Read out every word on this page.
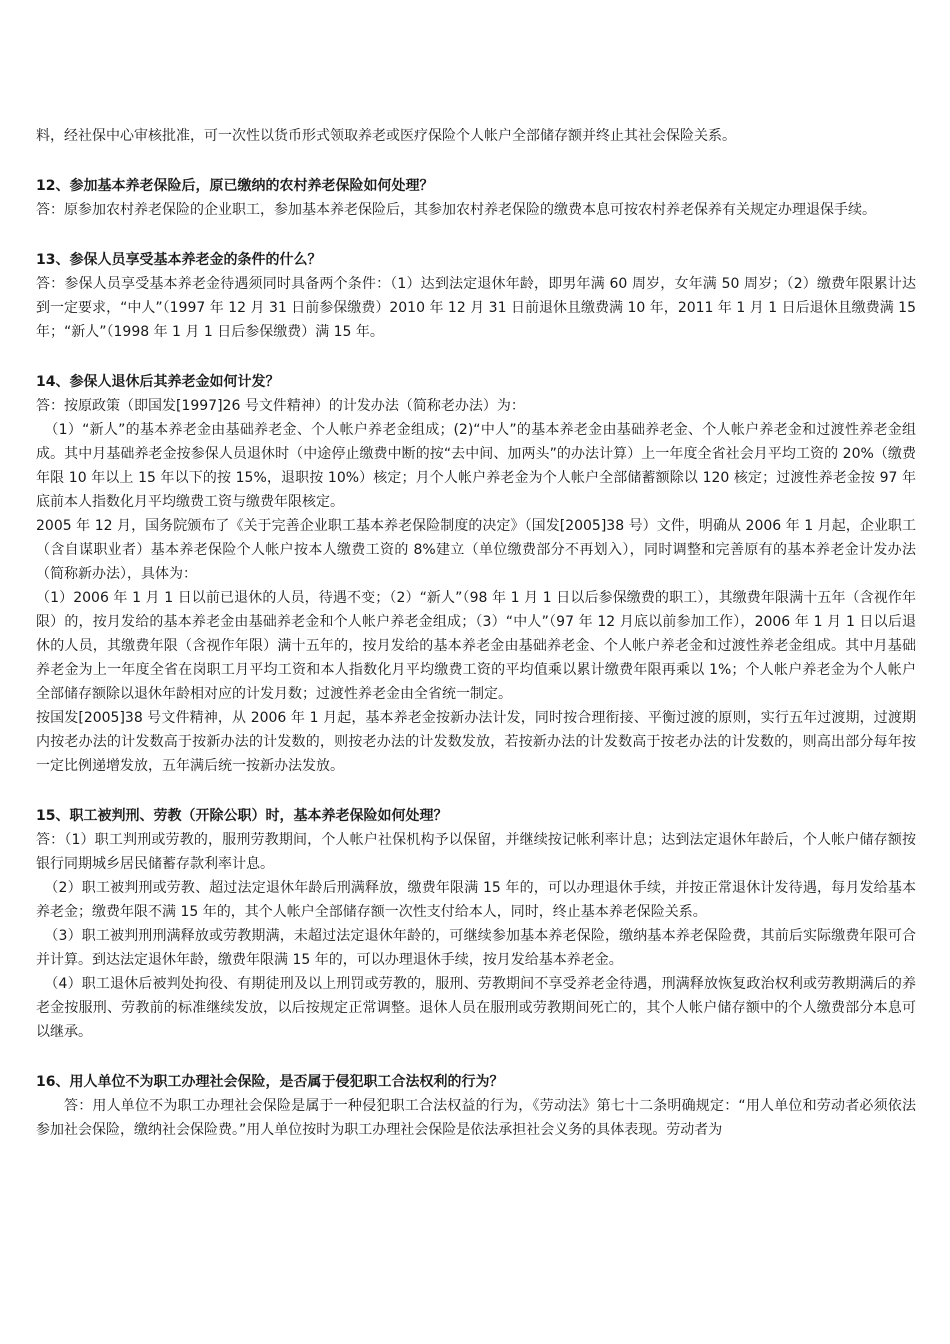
料，经社保中心审核批准，可一次性以货币形式领取养老或医疗保险个人帐户全部储存额并终止其社会保险关系。

12、参加基本养老保险后，原已缴纳的农村养老保险如何处理？

答：原参加农村养老保险的企业职工，参加基本养老保险后，其参加农村养老保险的缴费本息可按农村养老保养有关规定办理退保手续。

13、参保人员享受基本养老金的条件的什么？

答：参保人员享受基本养老金待遇须同时具备两个条件：（1）达到法定退休年龄，即男年满 60 周岁，女年满 50 周岁；（2）缴费年限累计达到一定要求，“中人”（1997 年 12 月 31 日前参保缴费）2010 年 12 月 31 日前退休且缴费满 10 年，2011 年 1 月 1 日后退休且缴费满 15 年；“新人”（1998 年 1 月 1 日后参保缴费）满 15 年。

14、参保人退休后其养老金如何计发？

答：按原政策（即国发[1997]26 号文件精神）的计发办法（简称老办法）为：

（1）“新人”的基本养老金由基础养老金、个人帐户养老金组成；(2)“中人”的基本养老金由基础养老金、个人帐户养老金和过渡性养老金组成。其中月基础养老金按参保人员退休时（中途停止缴费中断的按“去中间、加两头”的办法计算）上一年度全省社会月平均工资的 20%（缴费年限 10 年以上 15 年以下的按 15%，退职按 10%）核定；月个人帐户养老金为个人帐户全部储蓄额除以 120 核定；过渡性养老金按 97 年底前本人指数化月平均缴费工资与缴费年限核定。

2005 年 12 月，国务院颁布了《关于完善企业职工基本养老保险制度的决定》（国发[2005]38 号）文件，明确从 2006 年 1 月起，企业职工（含自谋职业者）基本养老保险个人帐户按本人缴费工资的 8%建立（单位缴费部分不再划入），同时调整和完善原有的基本养老金计发办法（简称新办法），具体为：

（1）2006 年 1 月 1 日以前已退休的人员，待遇不变；（2）“新人”（98 年 1 月 1 日以后参保缴费的职工），其缴费年限满十五年（含视作年限）的，按月发给的基本养老金由基础养老金和个人帐户养老金组成；（3）“中人”（97 年 12 月底以前参加工作），2006 年 1 月 1 日以后退休的人员，其缴费年限（含视作年限）满十五年的，按月发给的基本养老金由基础养老金、个人帐户养老金和过渡性养老金组成。其中月基础养老金为上一年度全省在岗职工月平均工资和本人指数化月平均缴费工资的平均值乘以累计缴费年限再乘以 1%；个人帐户养老金为个人帐户全部储存额除以退休年龄相对应的计发月数；过渡性养老金由全省统一制定。

按国发[2005]38 号文件精神，从 2006 年 1 月起，基本养老金按新办法计发，同时按合理衔接、平衡过渡的原则，实行五年过渡期，过渡期内按老办法的计发数高于按新办法的计发数的，则按老办法的计发数发放，若按新办法的计发数高于按老办法的计发数的，则高出部分每年按一定比例递增发放，五年满后统一按新办法发放。

15、职工被判刑、劳教（开除公职）时，基本养老保险如何处理？

答：（1）职工判刑或劳教的，服刑劳教期间，个人帐户社保机构予以保留，并继续按记帐利率计息；达到法定退休年龄后，个人帐户储存额按银行同期城乡居民储蓄存款利率计息。

（2）职工被判刑或劳教、超过法定退休年龄后刑满释放，缴费年限满 15 年的，可以办理退休手续，并按正常退休计发待遇，每月发给基本养老金；缴费年限不满 15 年的，其个人帐户全部储存额一次性支付给本人，同时，终止基本养老保险关系。

（3）职工被判刑刑满释放或劳教期满，未超过法定退休年龄的，可继续参加基本养老保险，缴纳基本养老保险费，其前后实际缴费年限可合并计算。到达法定退休年龄，缴费年限满 15 年的，可以办理退休手续，按月发给基本养老金。

（4）职工退休后被判处拘役、有期徒刑及以上刑罚或劳教的，服刑、劳教期间不享受养老金待遇，刑满释放恢复政治权利或劳教期满后的养老金按服刑、劳教前的标准继续发放，以后按规定正常调整。退休人员在服刑或劳教期间死亡的，其个人帐户储存额中的个人缴费部分本息可以继承。

16、用人单位不为职工办理社会保险，是否属于侵犯职工合法权利的行为？

答：用人单位不为职工办理社会保险是属于一种侵犯职工合法权益的行为，《劳动法》第七十二条明确规定：“用人单位和劳动者必须依法参加社会保险，缴纳社会保险费。”用人单位按时为职工办理社会保险是依法承担社会义务的具体表现。劳动者为
